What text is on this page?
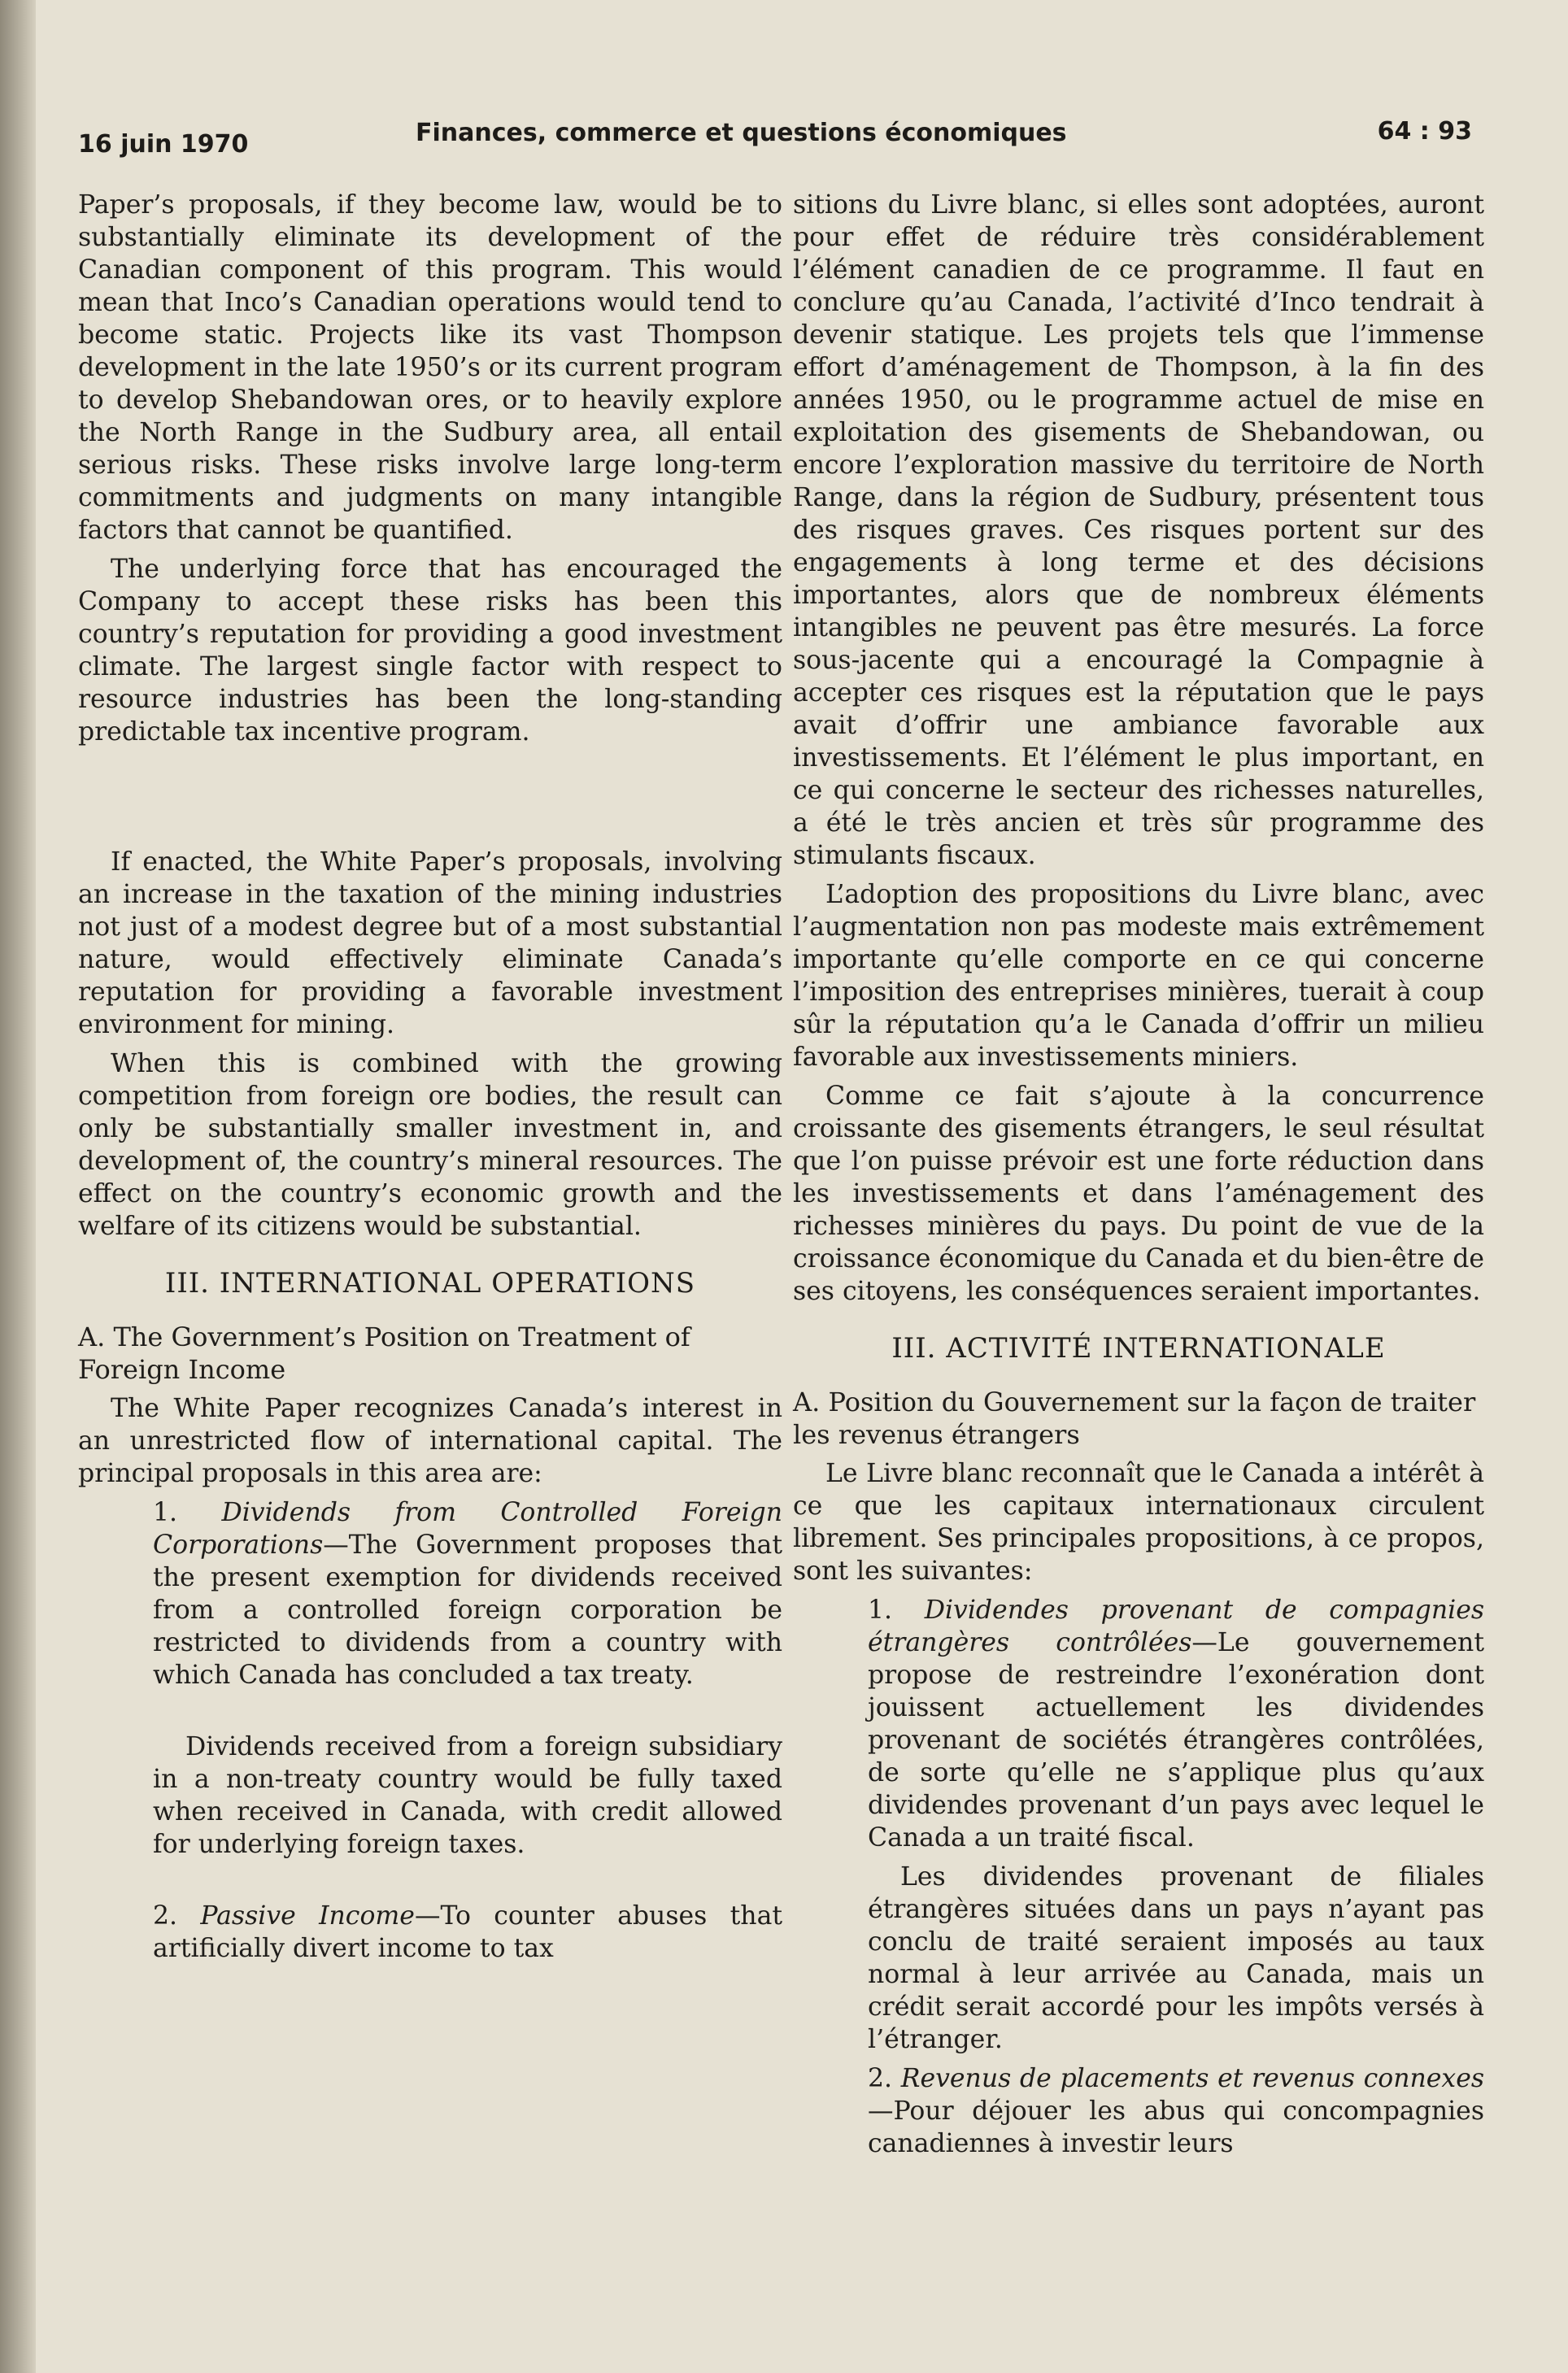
16 juin 1970	Finances, commerce et questions économiques	64 : 93

Paper’s proposals, if they become law, would be to substantially eliminate its development of the Canadian component of this program. This would mean that Inco’s Canadian operations would tend to become static. Projects like its vast Thompson development in the late 1950’s or its current program to develop Shebandowan ores, or to heavily explore the North Range in the Sudbury area, all entail serious risks. These risks involve large long-term commitments and judgments on many intangible factors that cannot be quantified.

The underlying force that has encouraged the Company to accept these risks has been this country’s reputation for providing a good investment climate. The largest single factor with respect to resource industries has been the long-standing predictable tax incentive program.

If enacted, the White Paper’s proposals, involving an increase in the taxation of the mining industries not just of a modest degree but of a most substantial nature, would effectively eliminate Canada’s reputation for providing a favorable investment environment for mining.

When this is combined with the growing competition from foreign ore bodies, the result can only be substantially smaller investment in, and development of, the country’s mineral resources. The effect on the country’s economic growth and the welfare of its citizens would be substantial.

III. INTERNATIONAL OPERATIONS
A. The Government’s Position on Treatment of Foreign Income

The White Paper recognizes Canada’s interest in an unrestricted flow of international capital. The principal proposals in this area are:

1. Dividends from Controlled Foreign Corporations—The Government proposes that the present exemption for dividends received from a controlled foreign corporation be restricted to dividends from a country with which Canada has concluded a tax treaty.

Dividends received from a foreign subsidiary in a non-treaty country would be fully taxed when received in Canada, with credit allowed for underlying foreign taxes.

2. Passive Income—To counter abuses that artificially divert income to tax

sitions du Livre blanc, si elles sont adoptées, auront pour effet de réduire très considérablement l’élément canadien de ce programme. Il faut en conclure qu’au Canada, l’activité d’Inco tendrait à devenir statique. Les projets tels que l’immense effort d’aménagement de Thompson, à la fin des années 1950, ou le programme actuel de mise en exploitation des gisements de Shebandowan, ou encore l’exploration massive du territoire de North Range, dans la région de Sudbury, présentent tous des risques graves. Ces risques portent sur des engagements à long terme et des décisions importantes, alors que de nombreux éléments intangibles ne peuvent pas être mesurés. La force sous-jacente qui a encouragé la Compagnie à accepter ces risques est la réputation que le pays avait d’offrir une ambiance favorable aux investissements. Et l’élément le plus important, en ce qui concerne le secteur des richesses naturelles, a été le très ancien et très sûr programme des stimulants fiscaux.

L’adoption des propositions du Livre blanc, avec l’augmentation non pas modeste mais extrêmement importante qu’elle comporte en ce qui concerne l’imposition des entreprises minières, tuerait à coup sûr la réputation qu’a le Canada d’offrir un milieu favorable aux investissements miniers.

Comme ce fait s’ajoute à la concurrence croissante des gisements étrangers, le seul résultat que l’on puisse prévoir est une forte réduction dans les investissements et dans l’aménagement des richesses minières du pays. Du point de vue de la croissance économique du Canada et du bien-être de ses citoyens, les conséquences seraient importantes.

III. ACTIVITÉ INTERNATIONALE
A. Position du Gouvernement sur la façon de traiter les revenus étrangers

Le Livre blanc reconnaît que le Canada a intérêt à ce que les capitaux internationaux circulent librement. Ses principales propositions, à ce propos, sont les suivantes:

1. Dividendes provenant de compagnies étrangères contrôlées—Le gouvernement propose de restreindre l’exonération dont jouissent actuellement les dividendes provenant de sociétés étrangères contrôlées, de sorte qu’elle ne s’applique plus qu’aux dividendes provenant d’un pays avec lequel le Canada a un traité fiscal.

Les dividendes provenant de filiales étrangères situées dans un pays n’ayant pas conclu de traité seraient imposés au taux normal à leur arrivée au Canada, mais un crédit serait accordé pour les impôts versés à l’étranger.

2. Revenus de placements et revenus connexes—Pour déjouer les abus qui concompagnies canadiennes à investir leurs
